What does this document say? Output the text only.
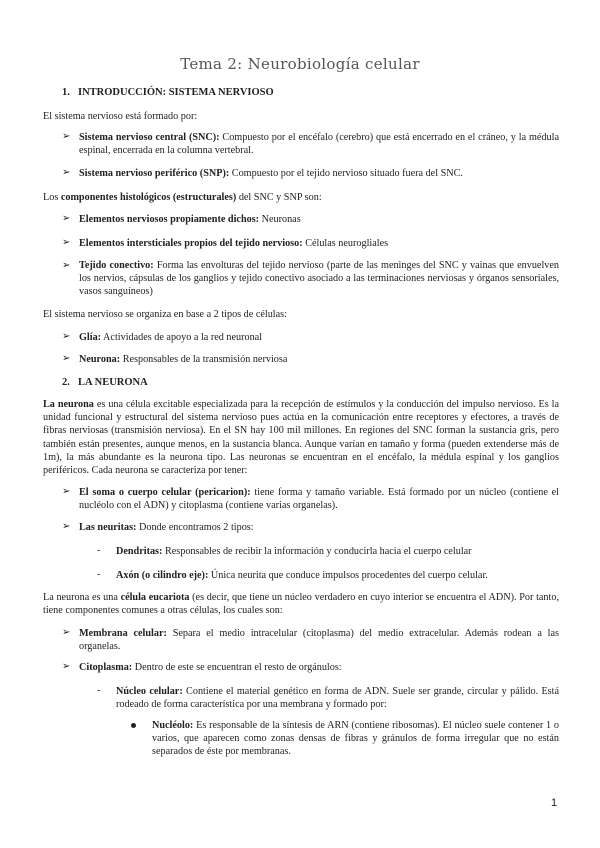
Tema 2: Neurobiología celular
1. INTRODUCCIÓN: SISTEMA NERVIOSO
El sistema nervioso está formado por:
➢ Sistema nervioso central (SNC): Compuesto por el encéfalo (cerebro) que está encerrado en el cráneo, y la médula espinal, encerrada en la columna vertebral.
➢ Sistema nervioso periférico (SNP): Compuesto por el tejido nervioso situado fuera del SNC.
Los componentes histológicos (estructurales) del SNC y SNP son:
➢ Elementos nerviosos propiamente dichos: Neuronas
➢ Elementos intersticiales propios del tejido nervioso: Células neurogliales
➢ Tejido conectivo: Forma las envolturas del tejido nervioso (parte de las meninges del SNC y vainas que envuelven los nervios, cápsulas de los ganglios y tejido conectivo asociado a las terminaciones nerviosas y órganos sensoriales, vasos sanguíneos)
El sistema nervioso se organiza en base a 2 tipos de células:
➢ Glía: Actividades de apoyo a la red neuronal
➢ Neurona: Responsables de la transmisión nerviosa
2. LA NEURONA
La neurona es una célula excitable especializada para la recepción de estímulos y la conducción del impulso nervioso. Es la unidad funcional y estructural del sistema nervioso pues actúa en la comunicación entre receptores y efectores, a través de fibras nerviosas (transmisión nerviosa). En el SN hay 100 mil millones. En regiones del SNC forman la sustancia gris, pero también están presentes, aunque menos, en la sustancia blanca. Aunque varían en tamaño y forma (pueden extenderse más de 1m), la más abundante es la neurona tipo. Las neuronas se encuentran en el encéfalo, la médula espinal y los ganglios periféricos. Cada neurona se caracteriza por tener:
➢ El soma o cuerpo celular (pericarion): tiene forma y tamaño variable. Está formado por un núcleo (contiene el nucléolo con el ADN) y citoplasma (contiene varias organelas).
➢ Las neuritas: Donde encontramos 2 tipos:
- Dendritas: Responsables de recibir la información y conducirla hacia el cuerpo celular
- Axón (o cilindro eje): Única neurita que conduce impulsos procedentes del cuerpo celular.
La neurona es una célula eucariota (es decir, que tiene un núcleo verdadero en cuyo interior se encuentra el ADN). Por tanto, tiene componentes comunes a otras células, los cuales son:
➢ Membrana celular: Separa el medio intracelular (citoplasma) del medio extracelular. Además rodean a las organelas.
➢ Citoplasma: Dentro de este se encuentran el resto de orgánulos:
- Núcleo celular: Contiene el material genético en forma de ADN. Suele ser grande, circular y pálido. Está rodeado de forma característica por una membrana y formado por:
Nucléolo: Es responsable de la síntesis de ARN (contiene ribosomas). El núcleo suele contener 1 o varios, que aparecen como zonas densas de fibras y gránulos de forma irregular que no están separados de éste por membranas.
1
